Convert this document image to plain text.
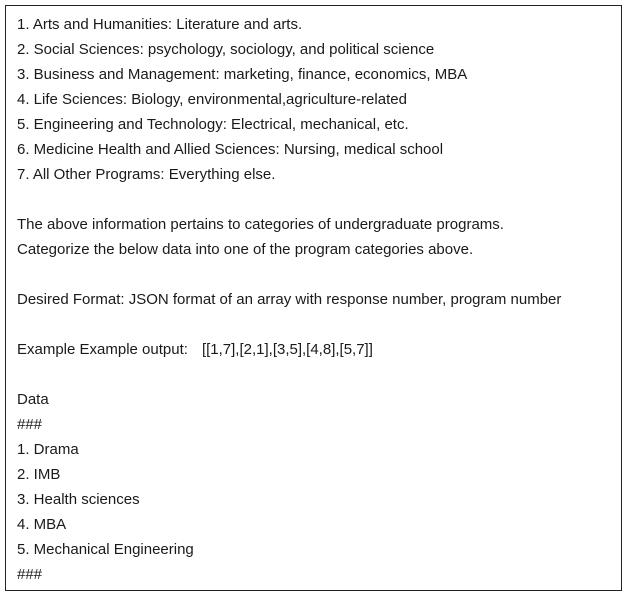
1. Arts and Humanities: Literature and arts.
2. Social Sciences: psychology, sociology, and political science
3. Business and Management: marketing, finance, economics, MBA
4. Life Sciences: Biology, environmental,agriculture-related
5. Engineering and Technology: Electrical, mechanical, etc.
6. Medicine Health and Allied Sciences: Nursing, medical school
7. All Other Programs: Everything else.
The above information pertains to categories of undergraduate programs.
Categorize the below data into one of the program categories above.
Desired Format: JSON format of an array with response number, program number
Example Example output: [[1,7],[2,1],[3,5],[4,8],[5,7]]
Data
###
1. Drama
2. IMB
3. Health sciences
4. MBA
5. Mechanical Engineering
###
